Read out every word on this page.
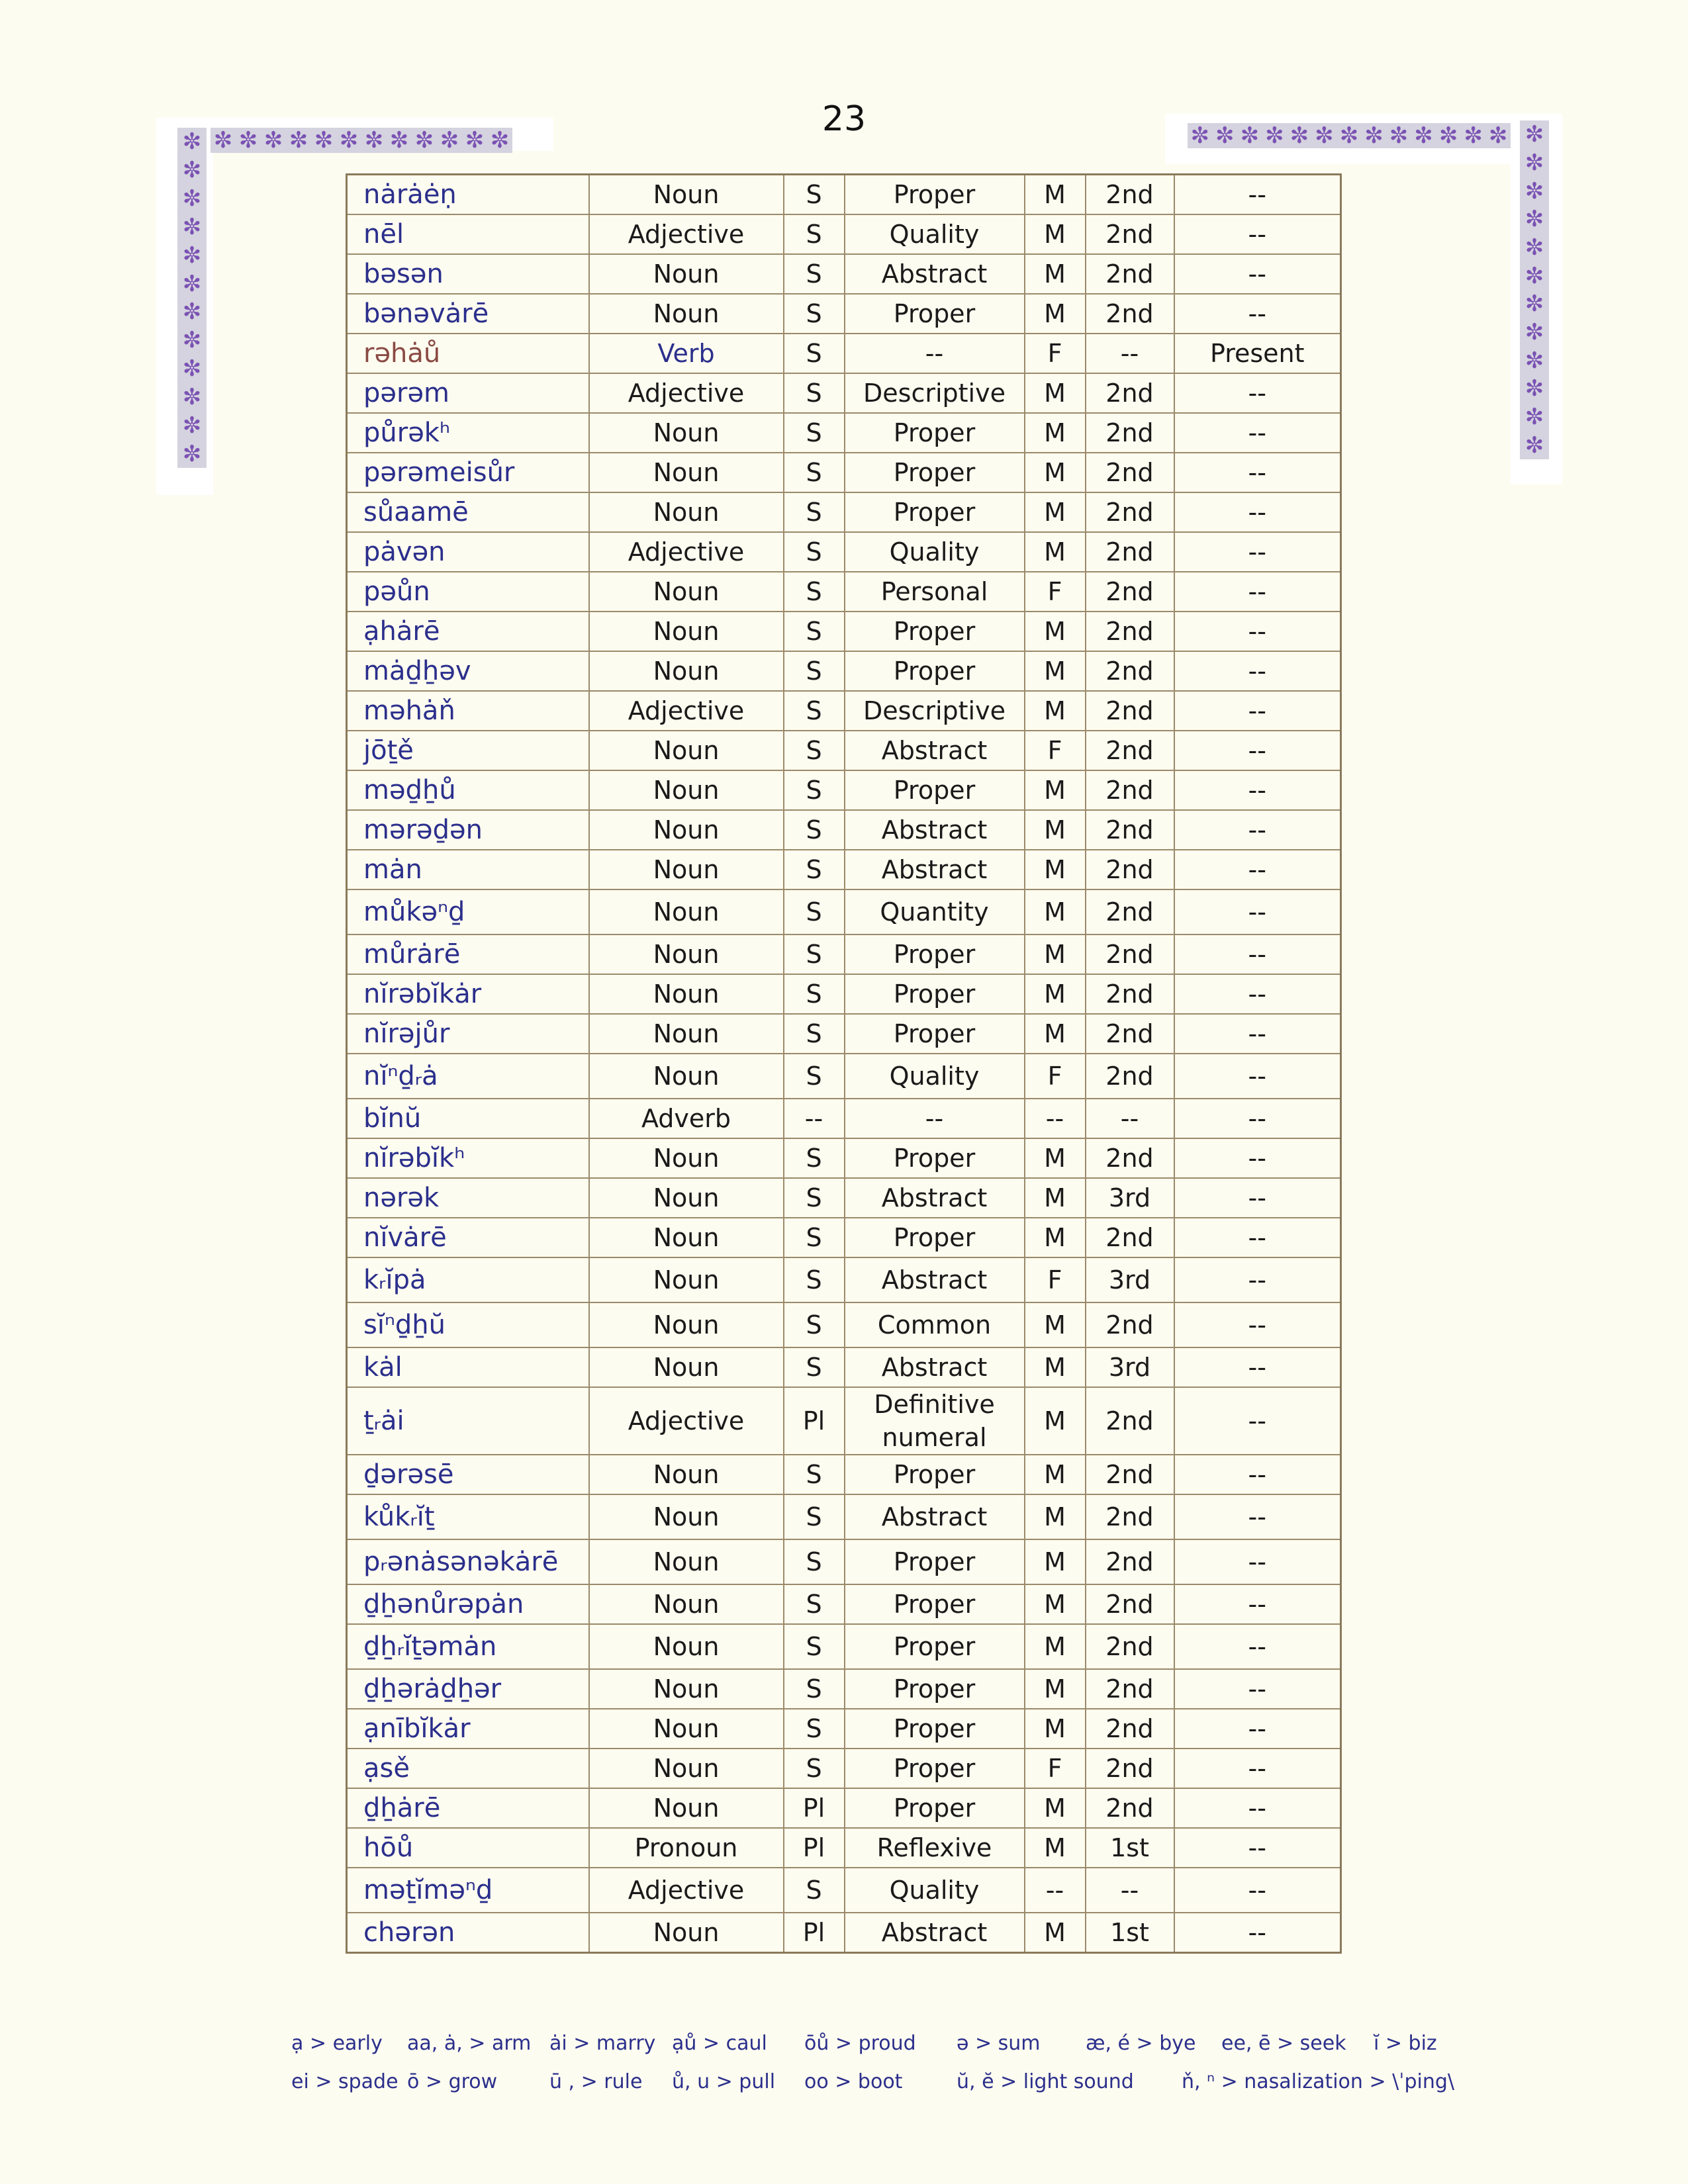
23
✼ ✼ ✼ ✼ ✼ ✼ ✼ ✼ ✼ ✼ ✼ ✼
✼
✼
✼
✼
✼
✼
✼
✼
✼
✼
✼
✼
✼ ✼ ✼ ✼ ✼ ✼ ✼ ✼ ✼ ✼ ✼ ✼ ✼ ✼
✼
✼
✼
✼
✼
✼
✼
✼
✼
✼
✼
nȧrȧėṇ	Noun	S	Proper	M	2nd	--
nēl	Adjective	S	Quality	M	2nd	--
bəsən	Noun	S	Abstract	M	2nd	--
bənəvȧrē	Noun	S	Proper	M	2nd	--
rəhȧů	Verb	S	--	F	--	Present
pərəm	Adjective	S	Descriptive	M	2nd	--
půrəkʰ	Noun	S	Proper	M	2nd	--
pərəmeisůr	Noun	S	Proper	M	2nd	--
sůaamē	Noun	S	Proper	M	2nd	--
pȧvən	Adjective	S	Quality	M	2nd	--
pəůn	Noun	S	Personal	F	2nd	--
ạhȧrē	Noun	S	Proper	M	2nd	--
mȧḏẖəv	Noun	S	Proper	M	2nd	--
məhȧň	Adjective	S	Descriptive	M	2nd	--
jōṯě	Noun	S	Abstract	F	2nd	--
məḏẖů	Noun	S	Proper	M	2nd	--
mərəḏən	Noun	S	Abstract	M	2nd	--
mȧn	Noun	S	Abstract	M	2nd	--
můkəⁿḏ	Noun	S	Quantity	M	2nd	--
můrȧrē	Noun	S	Proper	M	2nd	--
nĭrəbĭkȧr	Noun	S	Proper	M	2nd	--
nĭrəjůr	Noun	S	Proper	M	2nd	--
nĭⁿḏᵣȧ	Noun	S	Quality	F	2nd	--
bĭnŭ	Adverb	--	--	--	--	--
nĭrəbĭkʰ	Noun	S	Proper	M	2nd	--
nərək	Noun	S	Abstract	M	3rd	--
nĭvȧrē	Noun	S	Proper	M	2nd	--
kᵣĭpȧ	Noun	S	Abstract	F	3rd	--
sĭⁿḏẖŭ	Noun	S	Common	M	2nd	--
kȧl	Noun	S	Abstract	M	3rd	--
ṯᵣȧi	Adjective	Pl	Definitive numeral	M	2nd	--
ḏərəsē	Noun	S	Proper	M	2nd	--
kůkᵣĭṯ	Noun	S	Abstract	M	2nd	--
pᵣənȧsənəkȧrē	Noun	S	Proper	M	2nd	--
ḏẖənůrəpȧn	Noun	S	Proper	M	2nd	--
ḏẖᵣĭṯəmȧn	Noun	S	Proper	M	2nd	--
ḏẖərȧḏẖər	Noun	S	Proper	M	2nd	--
ạnībĭkȧr	Noun	S	Proper	M	2nd	--
ạsě	Noun	S	Proper	F	2nd	--
ḏẖȧrē	Noun	Pl	Proper	M	2nd	--
hōů	Pronoun	Pl	Reflexive	M	1st	--
məṯĭməⁿḏ	Adjective	S	Quality	--	--	--
chərən	Noun	Pl	Abstract	M	1st	--
ạ > early aa, ȧ, > arm ȧi > marry ạů > caul ōů > proud ə > sum æ, é > bye ee, ē > seek ĭ > biz
ei > spade ō > grow	ū , > rule ů, u > pull oo > boot	ŭ, ĕ > light sound ň, ⁿ > nasalization > \ˈping\
